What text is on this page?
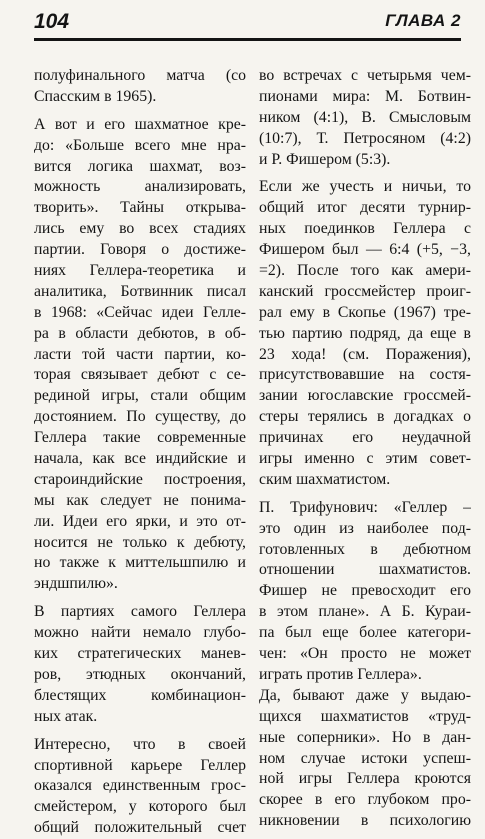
104	ГЛАВА 2
полуфинального матча (со
Спасским в 1965).
А вот и его шахматное кре-
до: «Больше всего мне нра-
вится логика шахмат, воз-
можность анализировать,
творить». Тайны открыва-
лись ему во всех стадиях
партии. Говоря о достиже-
ниях Геллера-теоретика и
аналитика, Ботвинник писал
в 1968: «Сейчас идеи Гелле-
ра в области дебютов, в об-
ласти той части партии, ко-
торая связывает дебют с се-
рединой игры, стали общим
достоянием. По существу, до
Геллера такие современные
начала, как все индийские и
староиндийские построения,
мы как следует не понима-
ли. Идеи его ярки, и это от-
носится не только к дебюту,
но также к миттельшпилю и
эндшпилю».
В партиях самого Геллера
можно найти немало глубо-
ких стратегических манев-
ров, этюдных окончаний,
блестящих комбинацион-
ных атак.
Интересно, что в своей
спортивной карьере Геллер
оказался единственным грос-
смейстером, у которого был
общий положительный счет
во встречах с четырьмя чем-
пионами мира: М. Ботвин-
ником (4:1), В. Смысловым
(10:7), Т. Петросяном (4:2)
и Р. Фишером (5:3).
Если же учесть и ничьи, то
общий итог десяти турнир-
ных поединков Геллера с
Фишером был — 6:4 (+5, −3,
=2). После того как амери-
канский гроссмейстер проиг-
рал ему в Скопье (1967) тре-
тью партию подряд, да еще в
23 хода! (см. Поражения),
присутствовавшие на состя-
зании югославские гроссмей-
стеры терялись в догадках о
причинах его неудачной
игры именно с этим совет-
ским шахматистом.
П. Трифунович: «Геллер –
это один из наиболее под-
готовленных в дебютном
отношении шахматистов.
Фишер не превосходит его
в этом плане». А Б. Кураи-
па был еще более категори-
чен: «Он просто не может
играть против Геллера».
Да, бывают даже у выдаю-
щихся шахматистов «труд-
ные соперники». Но в дан-
ном случае истоки успеш-
ной игры Геллера кроются
скорее в его глубоком про-
никновении в психологию
